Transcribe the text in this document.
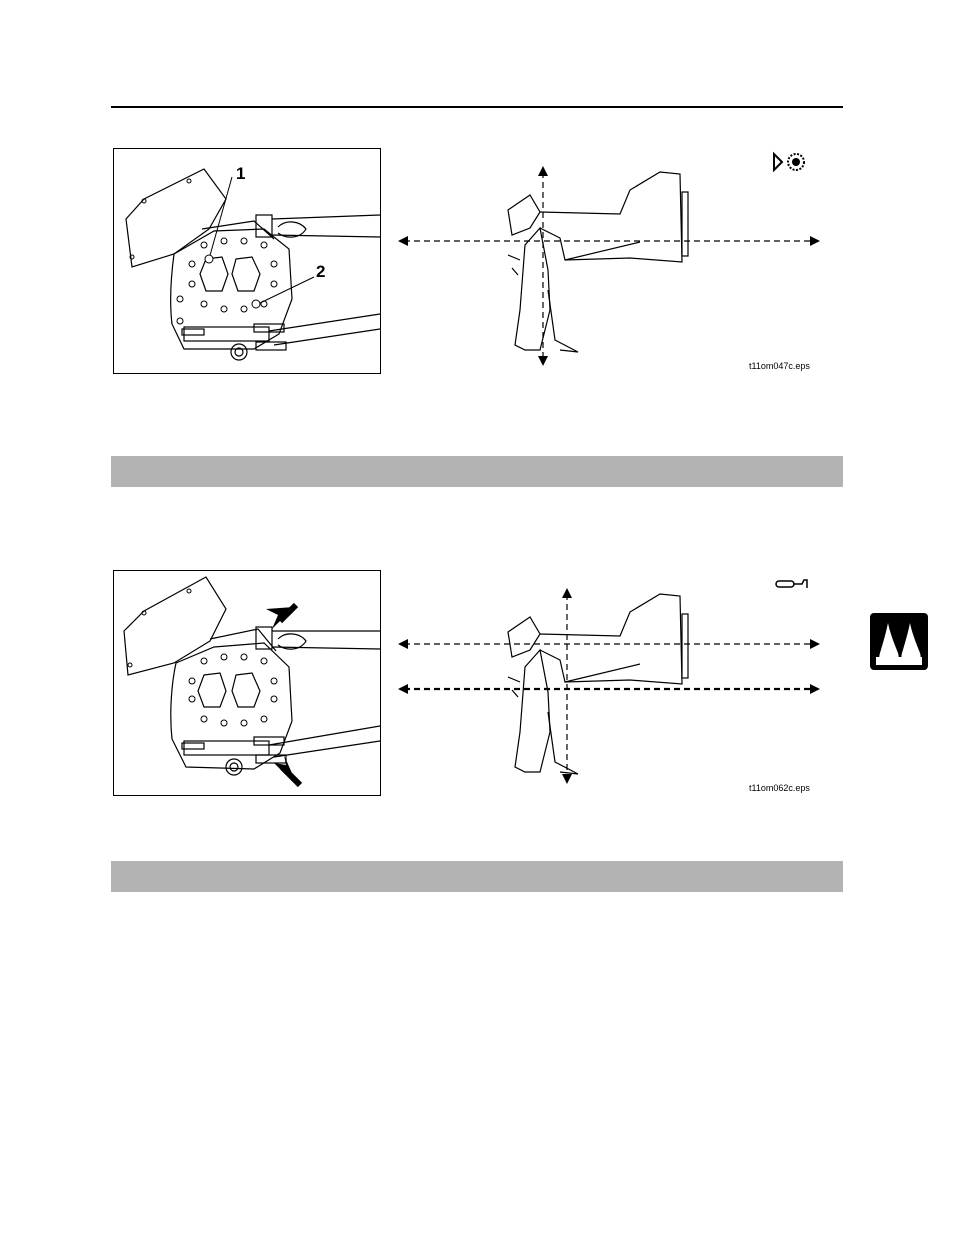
1
2
t11om047c.eps
t11om062c.eps
